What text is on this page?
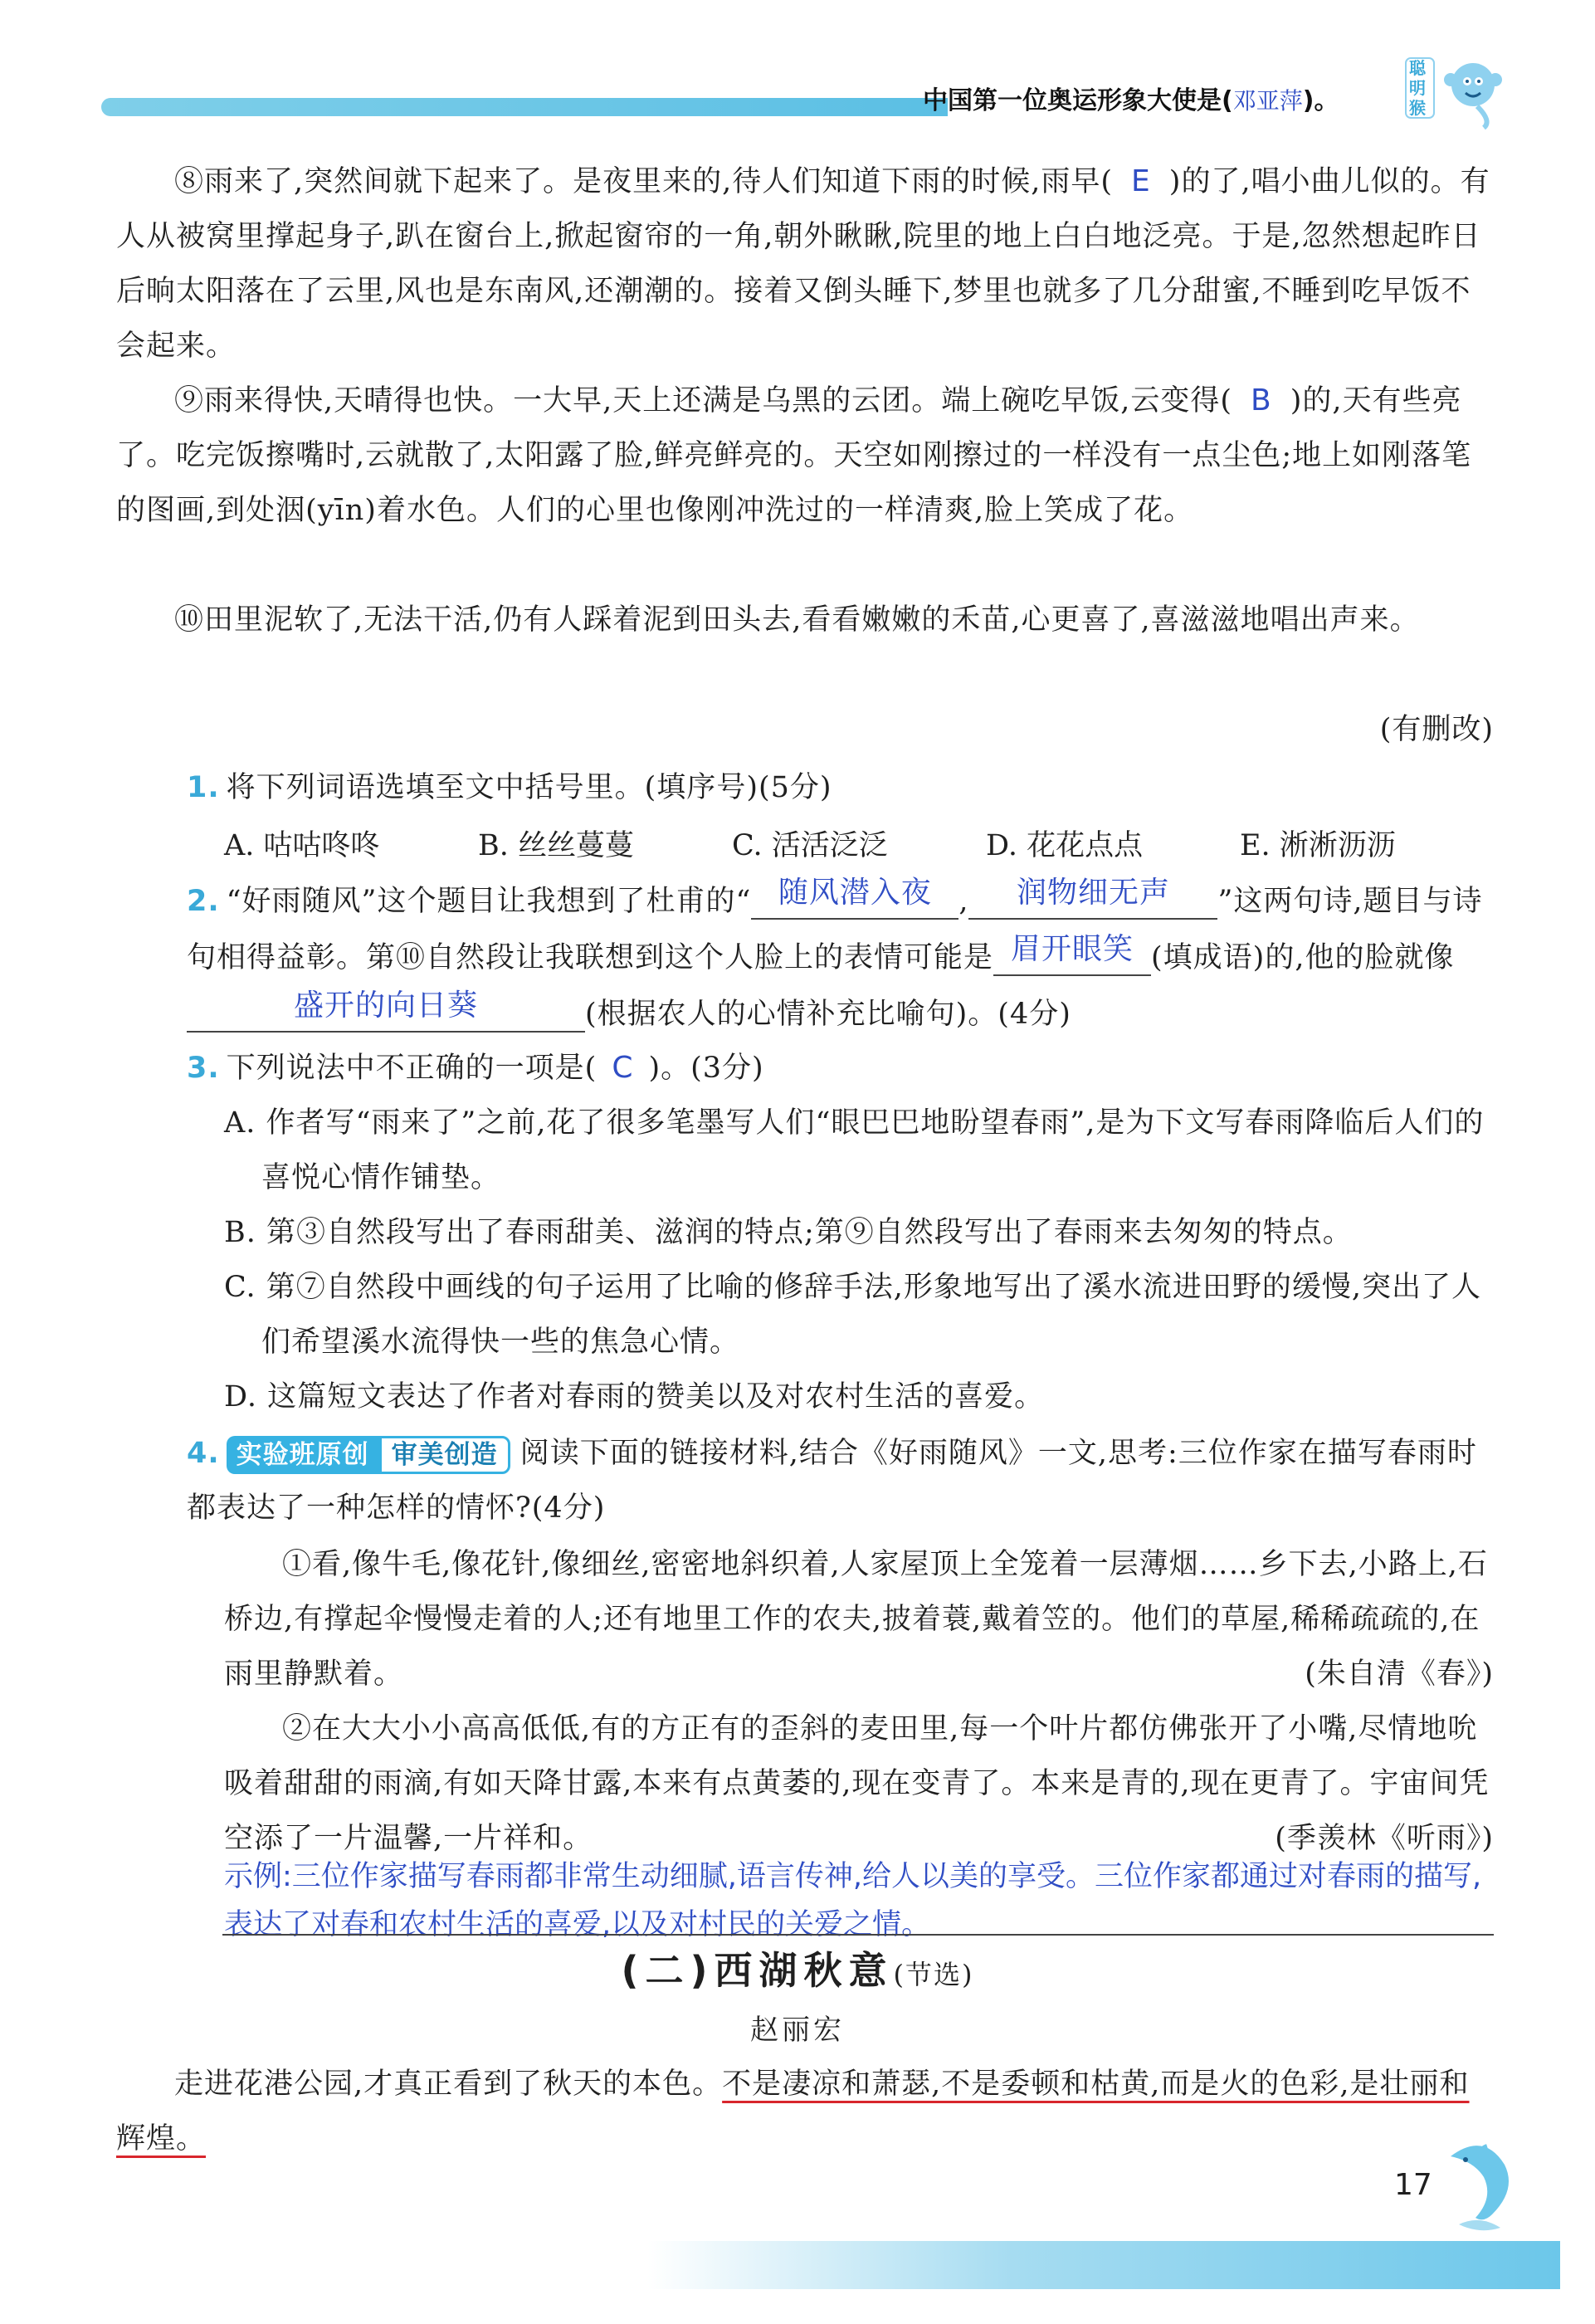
中国第一位奥运形象大使是(邓亚萍)。
聪明猴
⑧雨来了,突然间就下起来了。是夜里来的,待人们知道下雨的时候,雨早( E )的了,唱小曲儿似的。有人从被窝里撑起身子,趴在窗台上,掀起窗帘的一角,朝外瞅瞅,院里的地上白白地泛亮。于是,忽然想起昨日后晌太阳落在了云里,风也是东南风,还潮潮的。接着又倒头睡下,梦里也就多了几分甜蜜,不睡到吃早饭不会起来。
⑨雨来得快,天晴得也快。一大早,天上还满是乌黑的云团。端上碗吃早饭,云变得( B )的,天有些亮了。吃完饭擦嘴时,云就散了,太阳露了脸,鲜亮鲜亮的。天空如刚擦过的一样没有一点尘色;地上如刚落笔的图画,到处洇(yīn)着水色。人们的心里也像刚冲洗过的一样清爽,脸上笑成了花。
⑩田里泥软了,无法干活,仍有人踩着泥到田头去,看看嫩嫩的禾苗,心更喜了,喜滋滋地唱出声来。
(有删改)
1. 将下列词语选填至文中括号里。(填序号)(5分)
A. 咕咕咚咚	B. 丝丝蔓蔓	C. 活活泛泛	D. 花花点点	E. 淅淅沥沥
2. “好雨随风”这个题目让我想到了杜甫的“ 随风潜入夜 , 润物细无声 ”这两句诗,题目与诗句相得益彰。第⑩自然段让我联想到这个人脸上的表情可能是 眉开眼笑 (填成语)的,他的脸就像盛开的向日葵	(根据农人的心情补充比喻句)。(4分)
3. 下列说法中不正确的一项是( C )。(3分)
A. 作者写“雨来了”之前,花了很多笔墨写人们“眼巴巴地盼望春雨”,是为下文写春雨降临后人们的喜悦心情作铺垫。
B. 第③自然段写出了春雨甜美、滋润的特点;第⑨自然段写出了春雨来去匆匆的特点。
C. 第⑦自然段中画线的句子运用了比喻的修辞手法,形象地写出了溪水流进田野的缓慢,突出了人们希望溪水流得快一些的焦急心情。
D. 这篇短文表达了作者对春雨的赞美以及对农村生活的喜爱。
4. 实验班原创 审美创造 阅读下面的链接材料,结合《好雨随风》一文,思考:三位作家在描写春雨时都表达了一种怎样的情怀?(4分)
①看,像牛毛,像花针,像细丝,密密地斜织着,人家屋顶上全笼着一层薄烟……乡下去,小路上,石桥边,有撑起伞慢慢走着的人;还有地里工作的农夫,披着蓑,戴着笠的。他们的草屋,稀稀疏疏的,在雨里静默着。	(朱自清《春》)
②在大大小小高高低低,有的方正有的歪斜的麦田里,每一个叶片都仿佛张开了小嘴,尽情地吮吸着甜甜的雨滴,有如天降甘露,本来有点黄萎的,现在变青了。本来是青的,现在更青了。宇宙间凭空添了一片温馨,一片祥和。	(季羡林《听雨》)
示例:三位作家描写春雨都非常生动细腻,语言传神,给人以美的享受。三位作家都通过对春雨的描写,表达了对春和农村生活的喜爱,以及对村民的关爱之情。
(二)西湖秋意(节选)
赵丽宏
走进花港公园,才真正看到了秋天的本色。不是凄凉和萧瑟,不是委顿和枯黄,而是火的色彩,是壮丽和辉煌。
17
